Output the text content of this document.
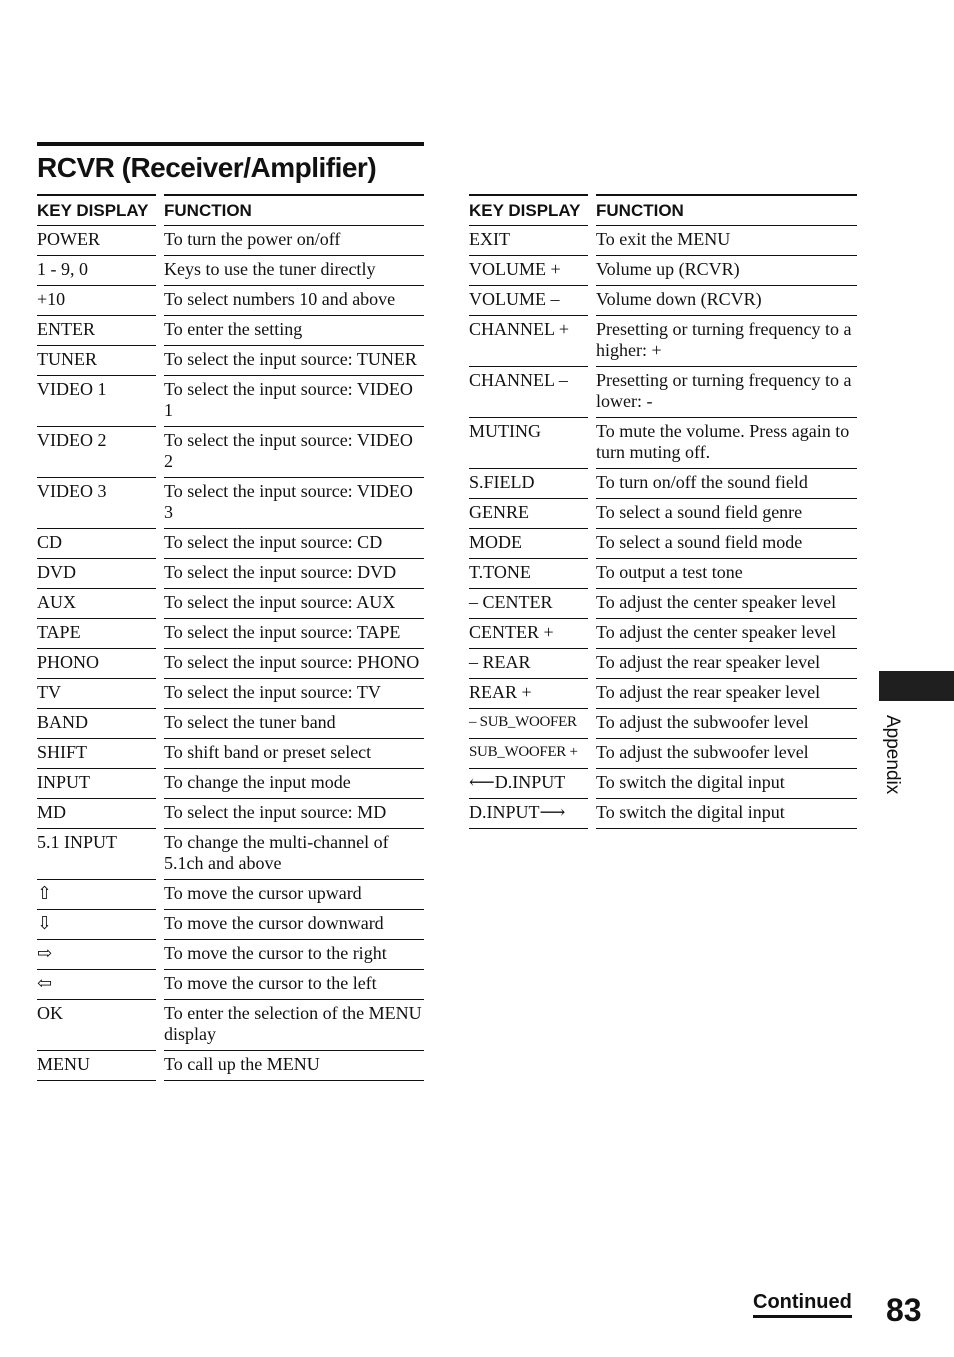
RCVR (Receiver/Amplifier)
KEY DISPLAY FUNCTION
POWER	To turn the power on/off
1 - 9, 0	Keys to use the tuner directly
+10	To select numbers 10 and above
ENTER	To enter the setting
TUNER	To select the input source: TUNER
VIDEO 1	To select the input source: VIDEO 1
VIDEO 2	To select the input source: VIDEO 2
VIDEO 3	To select the input source: VIDEO 3
CD	To select the input source: CD
DVD	To select the input source: DVD
AUX	To select the input source: AUX
TAPE	To select the input source: TAPE
PHONO	To select the input source: PHONO
TV	To select the input source: TV
BAND	To select the tuner band
SHIFT	To shift band or preset select
INPUT	To change the input mode
MD	To select the input source: MD
5.1 INPUT	To change the multi-channel of 5.1ch and above
⇧	To move the cursor upward
⇩	To move the cursor downward
⇨	To move the cursor to the right
⇦	To move the cursor to the left
OK	To enter the selection of the MENU display
MENU	To call up the MENU
KEY DISPLAY FUNCTION
EXIT	To exit the MENU
VOLUME +	Volume up (RCVR)
VOLUME –	Volume down (RCVR)
CHANNEL +	Presetting or turning frequency to a higher: +
CHANNEL –	Presetting or turning frequency to a lower: -
MUTING	To mute the volume. Press again to turn muting off.
S.FIELD	To turn on/off the sound field
GENRE	To select a sound field genre
MODE	To select a sound field mode
T.TONE	To output a test tone
– CENTER	To adjust the center speaker level
CENTER +	To adjust the center speaker level
– REAR	To adjust the rear speaker level
REAR +	To adjust the rear speaker level
– SUB_WOOFER	To adjust the subwoofer level
SUB_WOOFER +	To adjust the subwoofer level
⟵D.INPUT	To switch the digital input
D.INPUT⟶	To switch the digital input
Appendix
Continued 83
